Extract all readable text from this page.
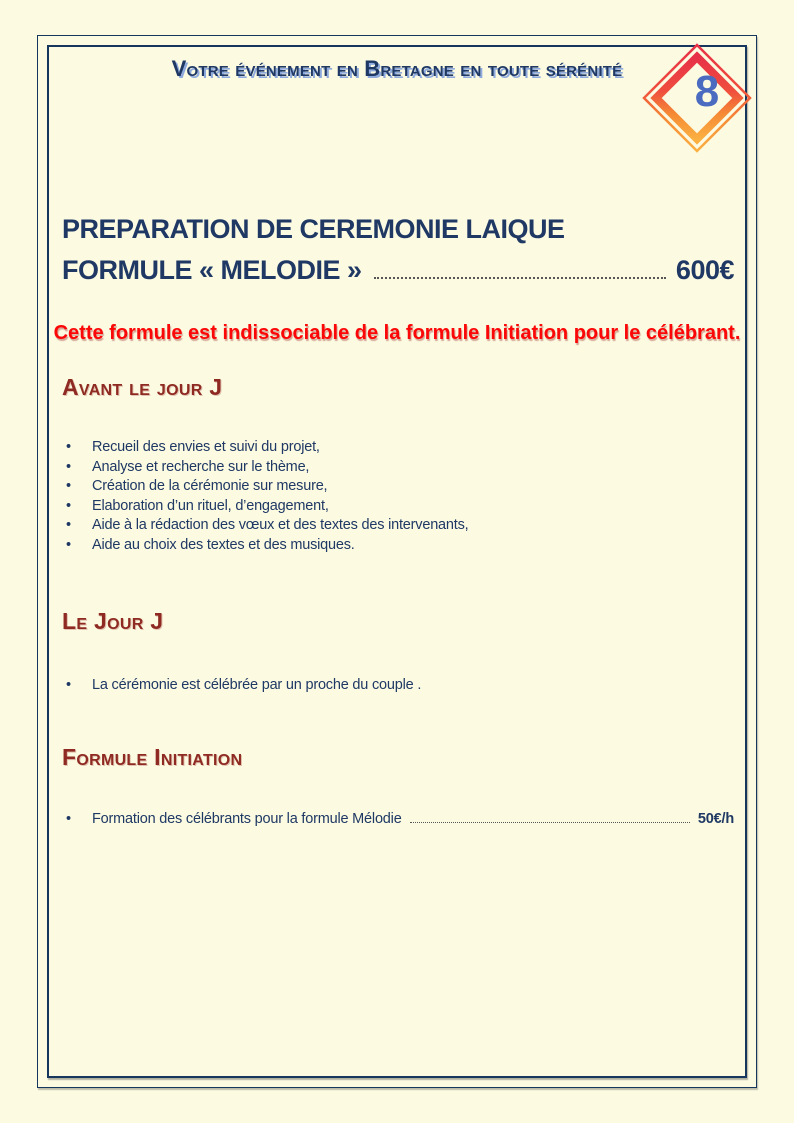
Votre événement en Bretagne en toute sérénité	8
PREPARATION DE CEREMONIE LAIQUE
FORMULE « MELODIE »	600€
Cette formule est indissociable de la formule Initiation pour le célébrant.
Avant le jour J
• Recueil des envies et suivi du projet,
• Analyse et recherche sur le thème,
• Création de la cérémonie sur mesure,
• Elaboration d’un rituel, d’engagement,
• Aide à la rédaction des vœux et des textes des intervenants,
• Aide au choix des textes et des musiques.
Le Jour J
• La cérémonie est célébrée par un proche du couple .
Formule Initiation
• Formation des célébrants pour la formule Mélodie	50€/h
